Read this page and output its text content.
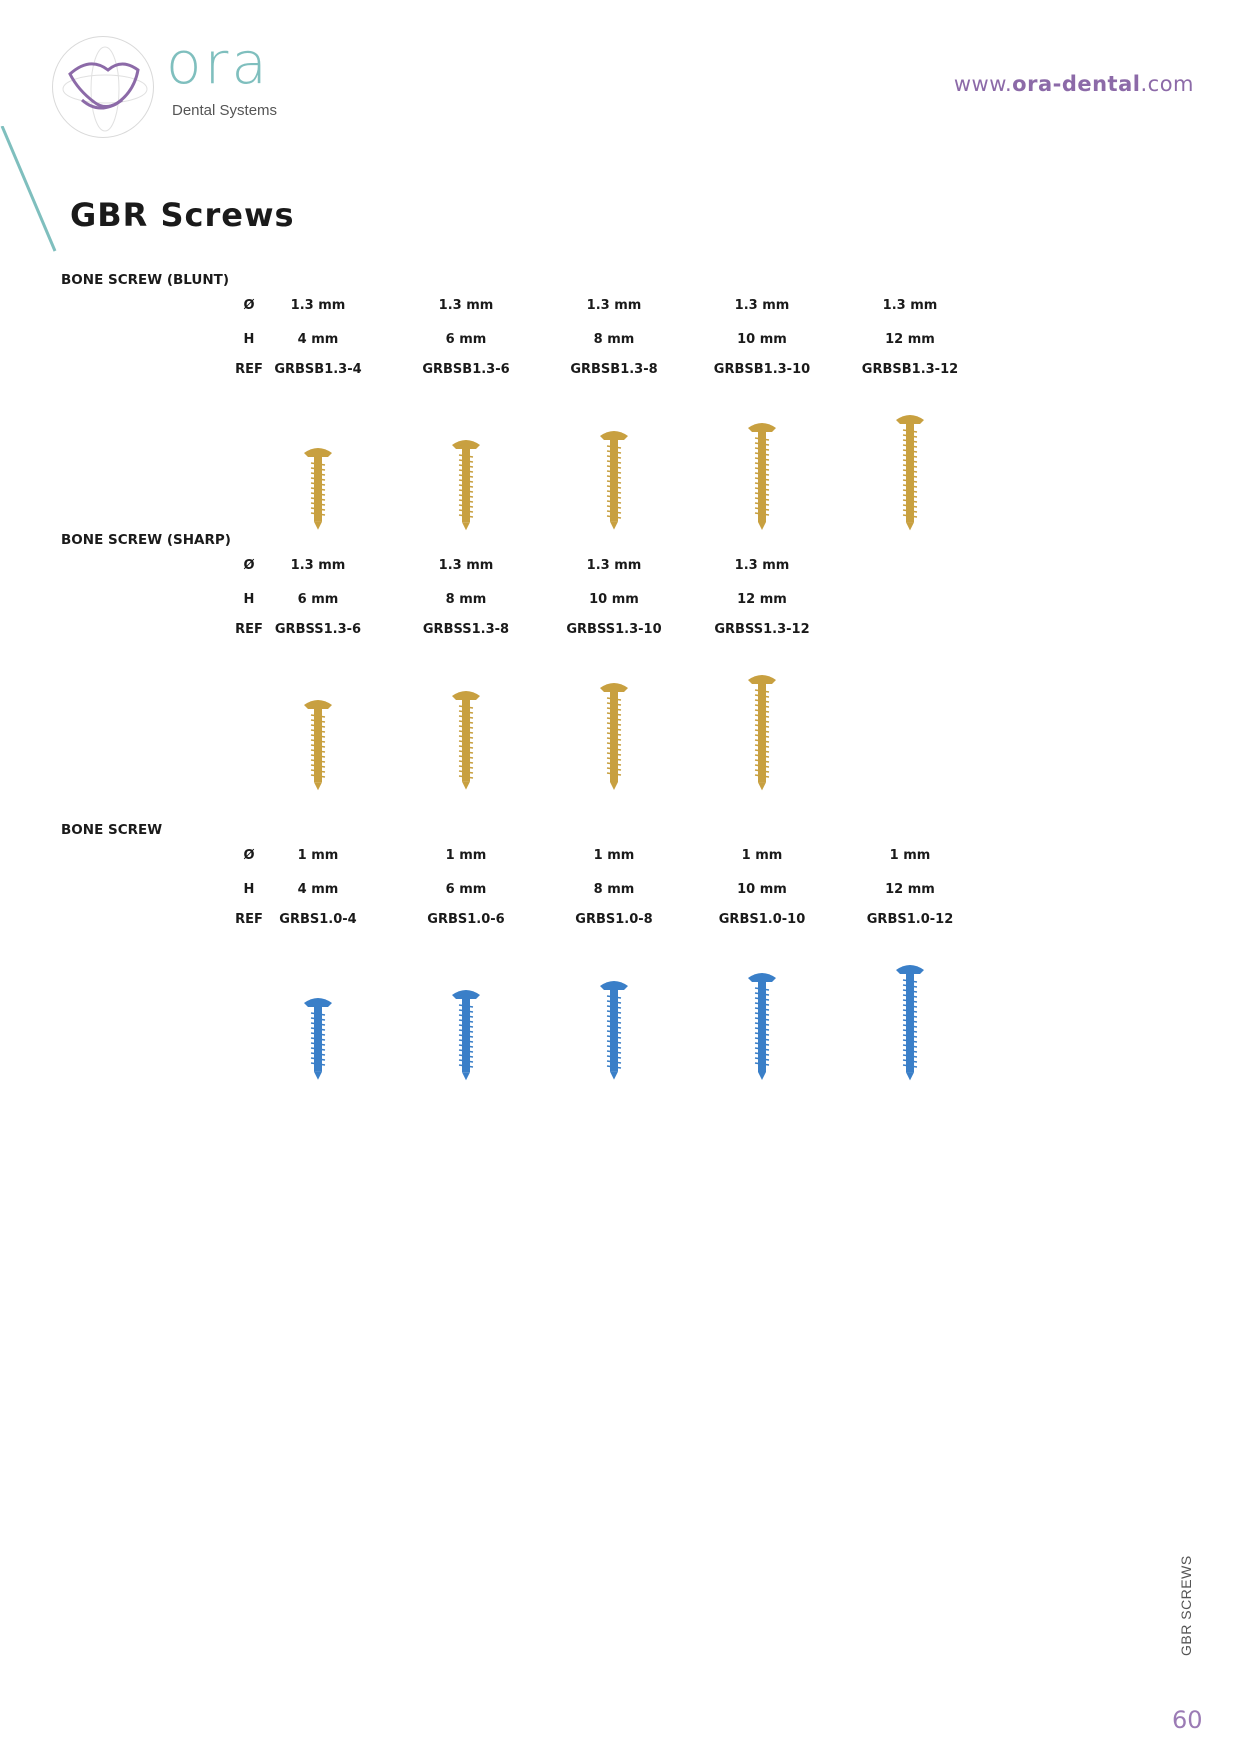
ora
Dental Systems
www.ora-dental.com
GBR Screws
BONE SCREW (BLUNT)
Ø
H
REF
1.3 mm
4 mm
GRBSB1.3-4
1.3 mm
6 mm
GRBSB1.3-6
1.3 mm
8 mm
GRBSB1.3-8
1.3 mm
10 mm
GRBSB1.3-10
1.3 mm
12 mm
GRBSB1.3-12
BONE SCREW (SHARP)
Ø
H
REF
1.3 mm
6 mm
GRBSS1.3-6
1.3 mm
8 mm
GRBSS1.3-8
1.3 mm
10 mm
GRBSS1.3-10
1.3 mm
12 mm
GRBSS1.3-12
BONE SCREW
Ø
H
REF
1 mm
4 mm
GRBS1.0-4
1 mm
6 mm
GRBS1.0-6
1 mm
8 mm
GRBS1.0-8
1 mm
10 mm
GRBS1.0-10
1 mm
12 mm
GRBS1.0-12
GBR SCREWS
60
